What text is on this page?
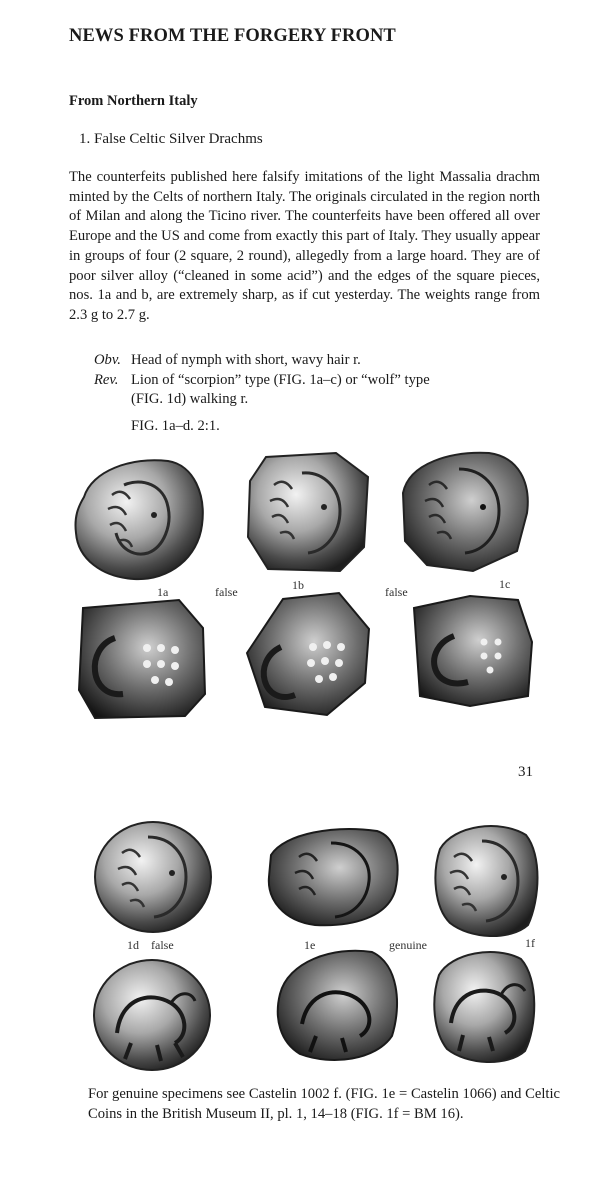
NEWS FROM THE FORGERY FRONT
From Northern Italy
1. False Celtic Silver Drachms

The counterfeits published here falsify imitations of the light Massalia drachm minted by the Celts of northern Italy. The originals circulated in the region north of Milan and along the Ticino river. The counterfeits have been offered all over Europe and the US and come from exactly this part of Italy. They usually appear in groups of four (2 square, 2 round), allegedly from a large hoard. They are of poor silver alloy (“cleaned in some acid”) and the edges of the square pieces, nos. 1a and b, are extremely sharp, as if cut yesterday. The weights range from 2.3 g to 2.7 g.

Obv. Head of nymph with short, wavy hair r.
Rev. Lion of “scorpion” type (FIG. 1a–c) or “wolf” type
(FIG. 1d) walking r.
FIG. 1a–d. 2:1.
1a	false	1b	false
1c
31
1d false	1e	genuine	1f

For genuine specimens see Castelin 1002 f. (FIG. 1e = Castelin 1066) and Celtic Coins in the British Museum II, pl. 1, 14–18 (FIG. 1f = BM 16).
